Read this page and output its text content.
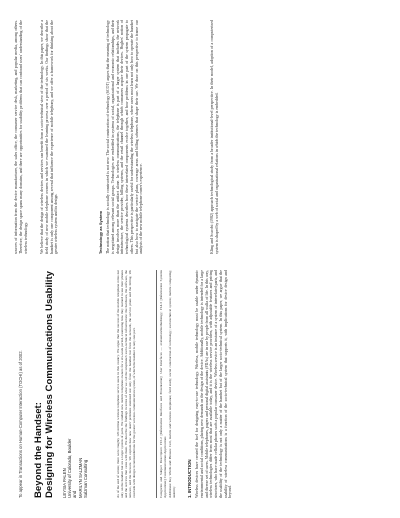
To appear in Transactions on Human-Computer Interaction (TOCHI) as of 2002. Beyond the Handset: Designing for Wireless Communications Usability LEYSIA PALEN University of Colorado, Boulder and MARILYN SALZMAN Salzman Consulting	As of the end of winter, there were roughly 120 million wireless telephone service users in this country. We argue that the success of the mobile telephone relies not only on the handset but on a larger system of parts. We studied new mobile telephone owners for a six-week period, examining how they learned to use their phones and the services that came with them. We describe the findings in terms of what we call the telephone's socio-technical infrastructure: the hardware, the software, the netware, and the bizware. We explain how new users' problems stemmed not only from the handset but from the network, the service plans and the billing. We conclude with design recommendations for the greater wireless communication system, of which the handset is only one part.	Categories and Subject Descriptors: H.5.2 [Information Interfaces and Presentation]: User Interfaces — evaluation/methodology; H.4.3 [Information Systems Applications]: Communications Applications Additional Key Words and Phrases: Cell, mobile and wireless telephones; field study; social construction of technology; sociotechnical system; mobile computing; usability	1. INTRODUCTION Wireless devices have created the fuel for designing easy-to-use technology. Wireless, mobile technology must be usable under dynamic environmental and social conditions, placing new demands on the design of the device. Additionally, mobile technology is intended for a large and diverse set of users. Mobile telephones, pagers and personal digital assistants (PDAs) are in use by people from all walks of life. In this way, wireless technologies differ from most that are available today, and it is the wireless service providers, with adjustable features and pricing structures, who have made cellular phones such a popular consumer device. Wireless service is an instance of a system of interrelated parts, and the usability of the technology is not only a matter of the handset but of the larger socio-technical system. In this paper, we argue that the usability of wireless communications is a function of the socio-technical system that supports it, with implications for device design and beyond.
sources of information from the device manufacturer, the sales office, the consumer service desk, marketing, and popular media, among others. Therefore, the design space spans many domains, and there are opportunities for usability problems that can confound users' understanding of the wireless technology.	We believe that the design of wireless devices and services can benefit from a socio-technical view of the technology. In this paper, we describe a field study of new mobile telephone owners in which we examined the learning process over a period of six weeks. Our findings show that the handset is only one component among several that influence the experience of mobile telephony, and we offer a framework for thinking about the greater wireless system and its design.	Technology as System The notion that technology is socially constructed is not new. The social construction of technology (SCOT) argues that the meaning of technology is negotiated among relevant social groups. Technologies are embedded in systems of social, organizational and economic relationships, and their design involves more than the artifact alone. In wireless communications, the telephone is part of a larger system that includes the network infrastructure, the service provider, billing systems, and the retail channel through which consumers acquire their devices. Hughes' notion of technological systems describes how these interrelated components evolve together, and how problems in one part of the system propagate to others. This perspective is particularly useful for understanding the wireless telephone, where users must learn not only how to operate the handset but also how to navigate the service plans, coverage areas and billing schemes that shape their use. We draw on this perspective to frame our analysis of the new mobile telephone owner's experience.	Kling and Scacchi (1982) approach technological study from a broader institutional-level perspective. In their model, adoption of a computerized system is shaped by a web of social and organizational relations in which the technology is embedded.
